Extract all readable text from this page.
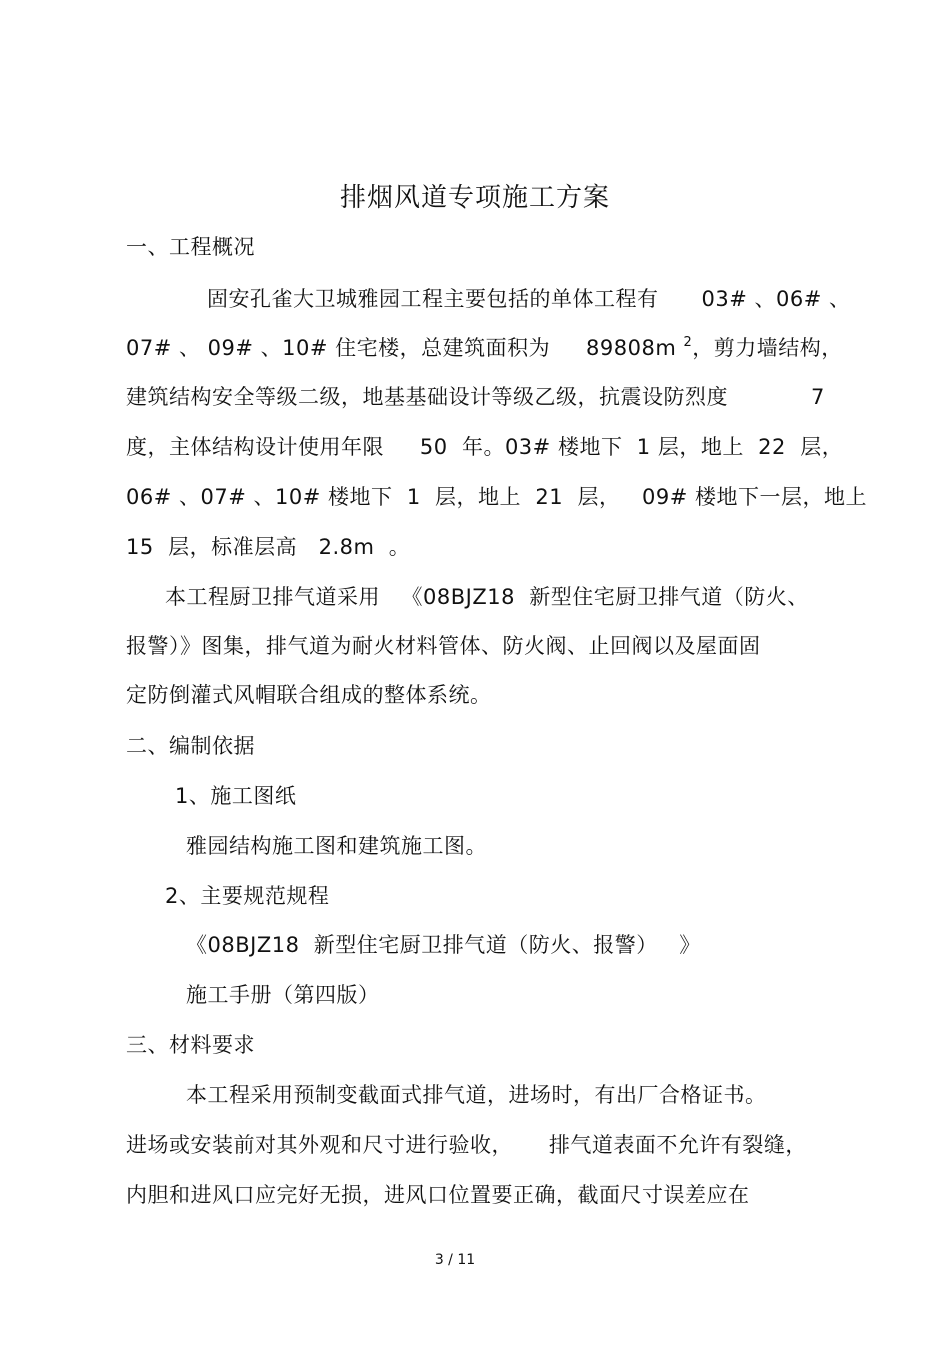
排烟风道专项施工方案
一、工程概况
固安孔雀大卫城雅园工程主要包括的单体工程有      03# 、06# 、
07# 、 09# 、10# 住宅楼，总建筑面积为     89808m $^2$，剪力墙结构，
建筑结构安全等级二级，地基基础设计等级乙级，抗震设防烈度	7
度，主体结构设计使用年限     50  年。03# 楼地下  1 层，地上  22  层，
06# 、07# 、10# 楼地下  1  层，地上  21  层，   09# 楼地下一层，地上
15  层，标准层高   2.8m  。
本工程厨卫排气道采用   《08BJZ18  新型住宅厨卫排气道（防火、
报警）》图集，排气道为耐火材料管体、防火阀、止回阀以及屋面固
定防倒灌式风帽联合组成的整体系统。
二、编制依据
1、施工图纸
雅园结构施工图和建筑施工图。
2、主要规范规程
《08BJZ18  新型住宅厨卫排气道（防火、报警）   》
施工手册（第四版）
三、材料要求
本工程采用预制变截面式排气道，进场时，有出厂合格证书。
进场或安装前对其外观和尺寸进行验收，     排气道表面不允许有裂缝，
内胆和进风口应完好无损，进风口位置要正确，截面尺寸误差应在
3 / 11
